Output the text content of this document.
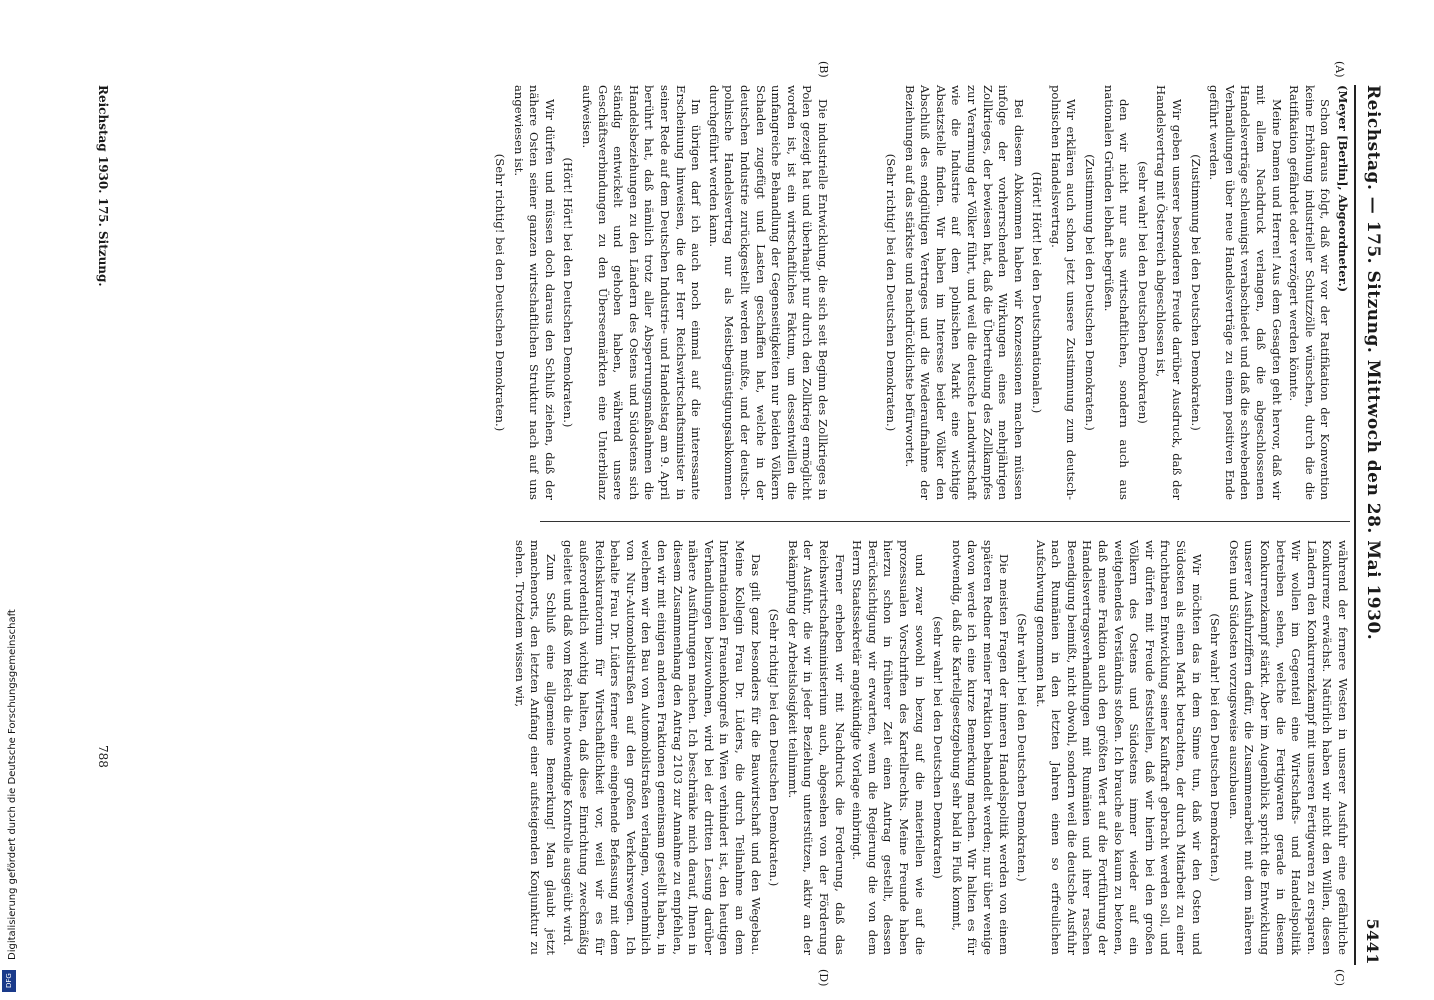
Reichstag. — 175. Sitzung. Mittwoch den 28. Mai 1930.
5441

(Meyer [Berlin], Abgeordneter.)

Schon daraus folgt, daß wir vor der Ratifikation der Konvention keine Erhöhung industrieller Schutzzölle wünschen, durch die die Ratifikation gefährdet oder verzögert werden könnte.

Meine Damen und Herren! Aus dem Gesagten geht hervor, daß wir mit allem Nachdruck verlangen, daß die abgeschlossenen Handelsverträge schleunigst verabschiedet und daß die schwebenden Verhandlungen über neue Handelsverträge zu einem positiven Ende geführt werden.

(Zustimmung bei den Deutschen Demokraten.)

Wir geben unserer besonderen Freude darüber Ausdruck, daß der Handelsvertrag mit Österreich abgeschlossen ist,

(sehr wahr! bei den Deutschen Demokraten)

den wir nicht nur aus wirtschaftlichen, sondern auch aus nationalen Gründen lebhaft begrüßen.

(Zustimmung bei den Deutschen Demokraten.)

Wir erklären auch schon jetzt unsere Zustimmung zum deutsch-polnischen Handelsvertrag.

(Hört! Hört! bei den Deutschnationalen.)

Bei diesem Abkommen haben wir Konzessionen machen müssen infolge der vorherrschenden Wirkungen eines mehrjährigen Zollkrieges, der bewiesen hat, daß die Übertreibung des Zollkampfes zur Verarmung der Völker führt, und weil die deutsche Landwirtschaft wie die Industrie auf dem polnischen Markt eine wichtige Absatzstelle finden. Wir haben im Interesse beider Völker den Abschluß des endgültigen Vertrages und die Wiederaufnahme der Beziehungen auf das stärkste und nachdrücklichste befürwortet.

(Sehr richtig! bei den Deutschen Demokraten.)

Die industrielle Entwicklung, die sich seit Beginn des Zollkrieges in Polen gezeigt hat und überhaupt nur durch den Zollkrieg ermöglicht worden ist, ist ein wirtschaftliches Faktum, um dessentwillen die umfangreiche Behandlung der Gegenseitigkeiten nur beiden Völkern Schaden zugefügt und Lasten geschaffen hat, welche in der deutschen Industrie zurückgestellt werden mußte, und der deutsch-polnische Handelsvertrag nur als Meistbegünstigungsabkommen durchgeführt werden kann.

Im übrigen darf ich auch noch einmal auf die interessante Erscheinung hinweisen, die der Herr Reichswirtschaftsminister in seiner Rede auf dem Deutschen Industrie- und Handelstag am 9. April berührt hat, daß nämlich trotz aller Absperrungsmaßnahmen die Handelsbeziehungen zu den Ländern des Ostens und Südostens sich ständig entwickelt und gehoben haben, während unsere Geschäftsverbindungen zu den Überseemärkten eine Unterbilanz aufweisen.

(Hört! Hört! bei den Deutschen Demokraten.)

Wir dürfen und müssen doch daraus den Schluß ziehen, daß der nähere Osten seiner ganzen wirtschaftlichen Struktur nach auf uns angewiesen ist.

(Sehr richtig! bei den Deutschen Demokraten.)

während der fernere Westen in unserer Ausfuhr eine gefährliche Konkurrenz erwächst. Natürlich haben wir nicht den Willen, diesen Ländern den Konkurrenzkampf mit unseren Fertigwaren zu ersparen. Wir wollen im Gegenteil eine Wirtschafts- und Handelspolitik betreiben sehen, welche die Fertigwaren gerade in diesem Konkurrenzkampf stärkt. Aber im Augenblick spricht die Entwicklung unserer Ausfuhrziffern dafür, die Zusammenarbeit mit dem näheren Osten und Südosten vorzugsweise auszubauen.

(Sehr wahr! bei den Deutschen Demokraten.)

Wir möchten das in dem Sinne tun, daß wir den Osten und Südosten als einen Markt betrachten, der durch Mitarbeit zu einer fruchtbaren Entwicklung seiner Kaufkraft gebracht werden soll, und wir dürfen mit Freude feststellen, daß wir hierin bei den großen Völkern des Ostens und Südostens immer wieder auf ein weitgehendes Verständnis stoßen. Ich brauche also kaum zu betonen, daß meine Fraktion auch den größten Wert auf die Fortführung der Handelsvertragsverhandlungen mit Rumänien und ihrer raschen Beendigung beimißt, nicht obwohl, sondern weil die deutsche Ausfuhr nach Rumänien in den letzten Jahren einen so erfreulichen Aufschwung genommen hat.

(Sehr wahr! bei den Deutschen Demokraten.)

Die meisten Fragen der inneren Handelspolitik werden von einem späteren Redner meiner Fraktion behandelt werden; nur über wenige davon werde ich eine kurze Bemerkung machen. Wir halten es für notwendig, daß die Kartellgesetzgebung sehr bald in Fluß kommt,

(sehr wahr! bei den Deutschen Demokraten)

und zwar sowohl in bezug auf die materiellen wie auf die prozessualen Vorschriften des Kartellrechts. Meine Freunde haben hierzu schon in früherer Zeit einen Antrag gestellt, dessen Berücksichtigung wir erwarten, wenn die Regierung die von dem Herrn Staatssekretär angekündigte Vorlage einbringt.

Ferner erheben wir mit Nachdruck die Forderung, daß das Reichswirtschaftsministerium auch, abgesehen von der Förderung der Ausfuhr, die wir in jeder Beziehung unterstützen, aktiv an der Bekämpfung der Arbeitslosigkeit teilnimmt.

(Sehr richtig! bei den Deutschen Demokraten.)

Das gilt ganz besonders für die Bauwirtschaft und den Wegebau. Meine Kollegin Frau Dr. Lüders, die durch Teilnahme an dem Internationalen Frauenkongreß in Wien verhindert ist, den heutigen Verhandlungen beizuwohnen, wird bei der dritten Lesung darüber nähere Ausführungen machen. Ich beschränke mich darauf, Ihnen in diesem Zusammenhang den Antrag 2103 zur Annahme zu empfehlen, den wir mit einigen anderen Fraktionen gemeinsam gestellt haben, in welchem wir den Bau von Automobilstraßen verlangen, vornehmlich von Nur-Automobilstraßen auf den großen Verkehrswegen. Ich behalte Frau Dr. Lüders ferner eine eingehende Befassung mit dem Reichskuratorium für Wirtschaftlichkeit vor, weil wir es für außerordentlich wichtig halten, daß diese Einrichtung zweckmäßig geleitet und daß vom Reich die notwendige Kontrolle ausgeübt wird.

Zum Schluß eine allgemeine Bemerkung! Man glaubt jetzt manchenorts, den letzten Anfang einer aufsteigenden Konjunktur zu sehen. Trotzdem wissen wir,

(A)
(B)
(C)
(D)
Reichstag 1930. 175. Sitzung.
788
Digitalisierung gefördert durch die Deutsche Forschungsgemeinschaft
DFG
